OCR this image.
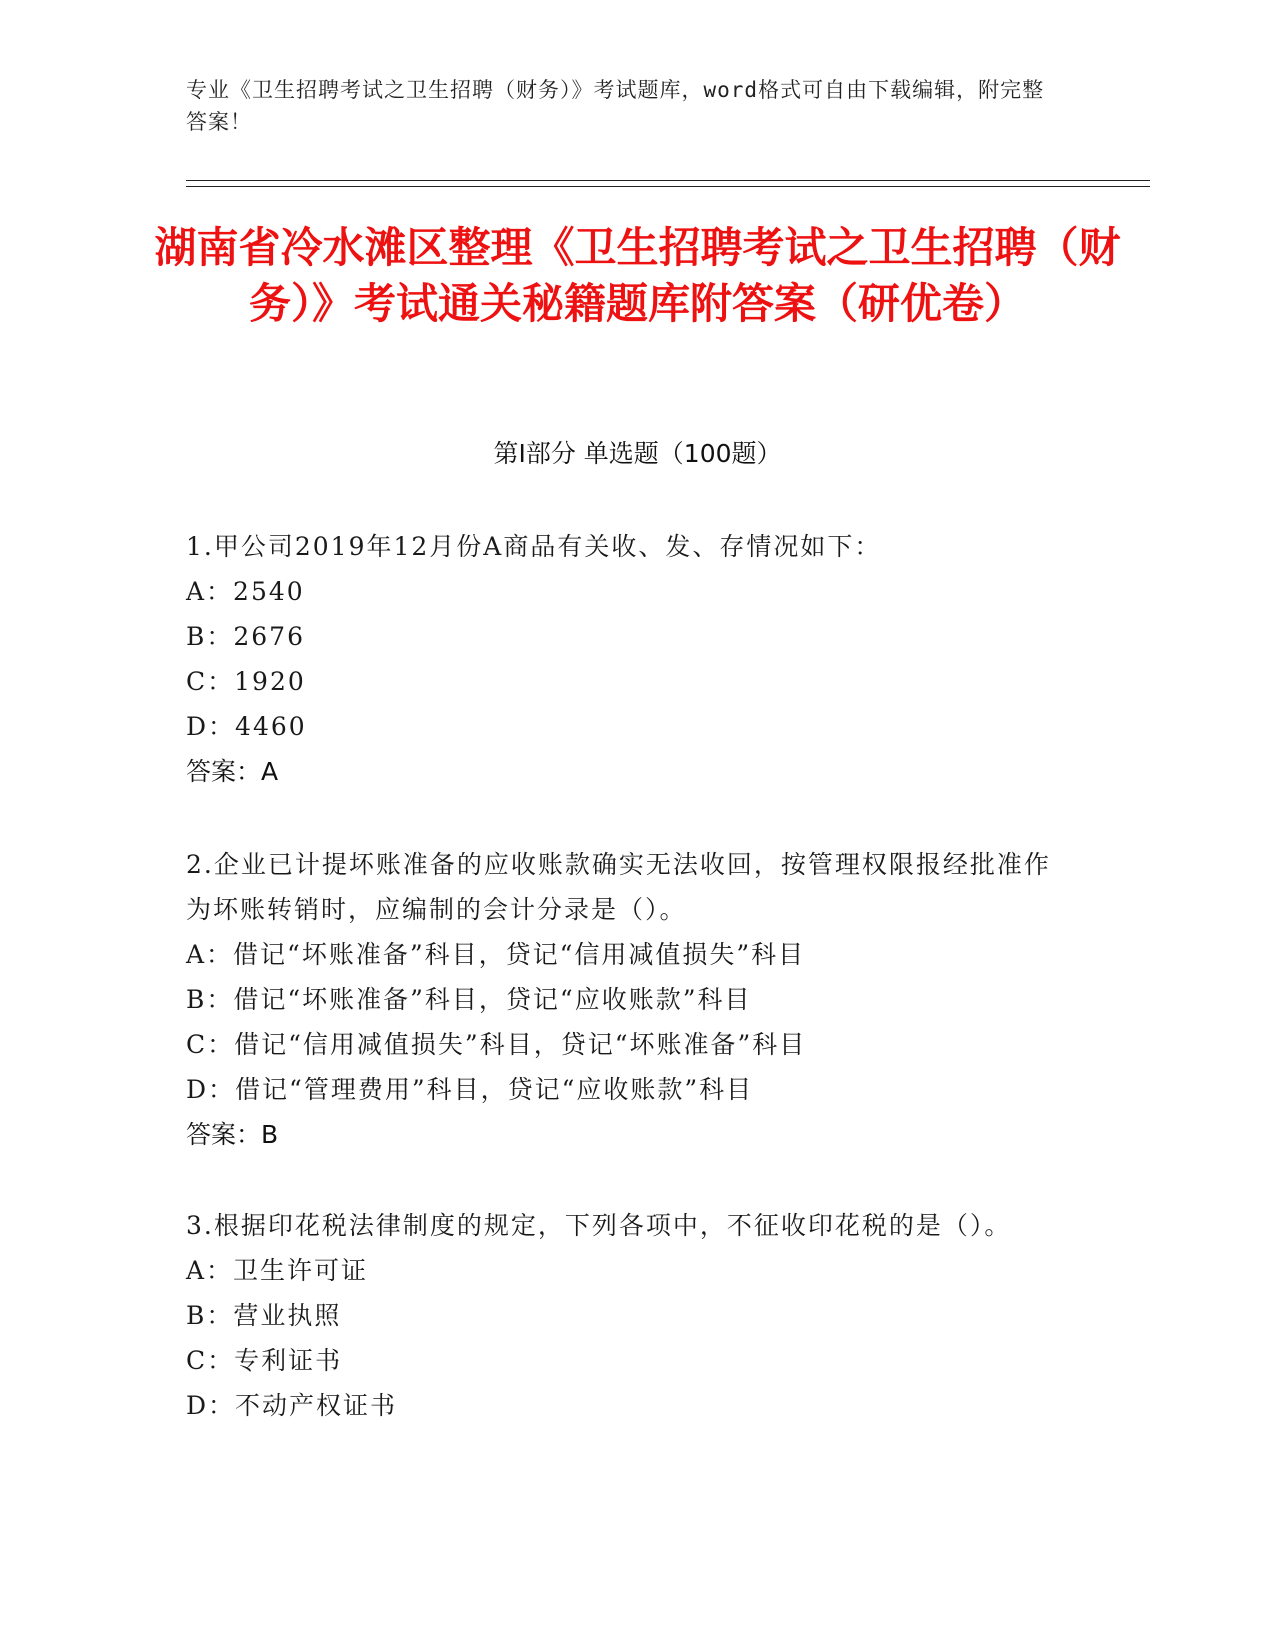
专业《卫生招聘考试之卫生招聘（财务）》考试题库，word格式可自由下载编辑，附完整答案！
湖南省冷水滩区整理《卫生招聘考试之卫生招聘（财务）》考试通关秘籍题库附答案（研优卷）
第Ⅰ部分 单选题（100题）
1.甲公司2019年12月份A商品有关收、发、存情况如下：
A：2540
B：2676
C：1920
D：4460
答案：A
2.企业已计提坏账准备的应收账款确实无法收回，按管理权限报经批准作为坏账转销时，应编制的会计分录是（）。
A：借记“坏账准备”科目，贷记“信用减值损失”科目
B：借记“坏账准备”科目，贷记“应收账款”科目
C：借记“信用减值损失”科目，贷记“坏账准备”科目
D：借记“管理费用”科目，贷记“应收账款”科目
答案：B
3.根据印花税法律制度的规定，下列各项中，不征收印花税的是（）。
A：卫生许可证
B：营业执照
C：专利证书
D：不动产权证书
